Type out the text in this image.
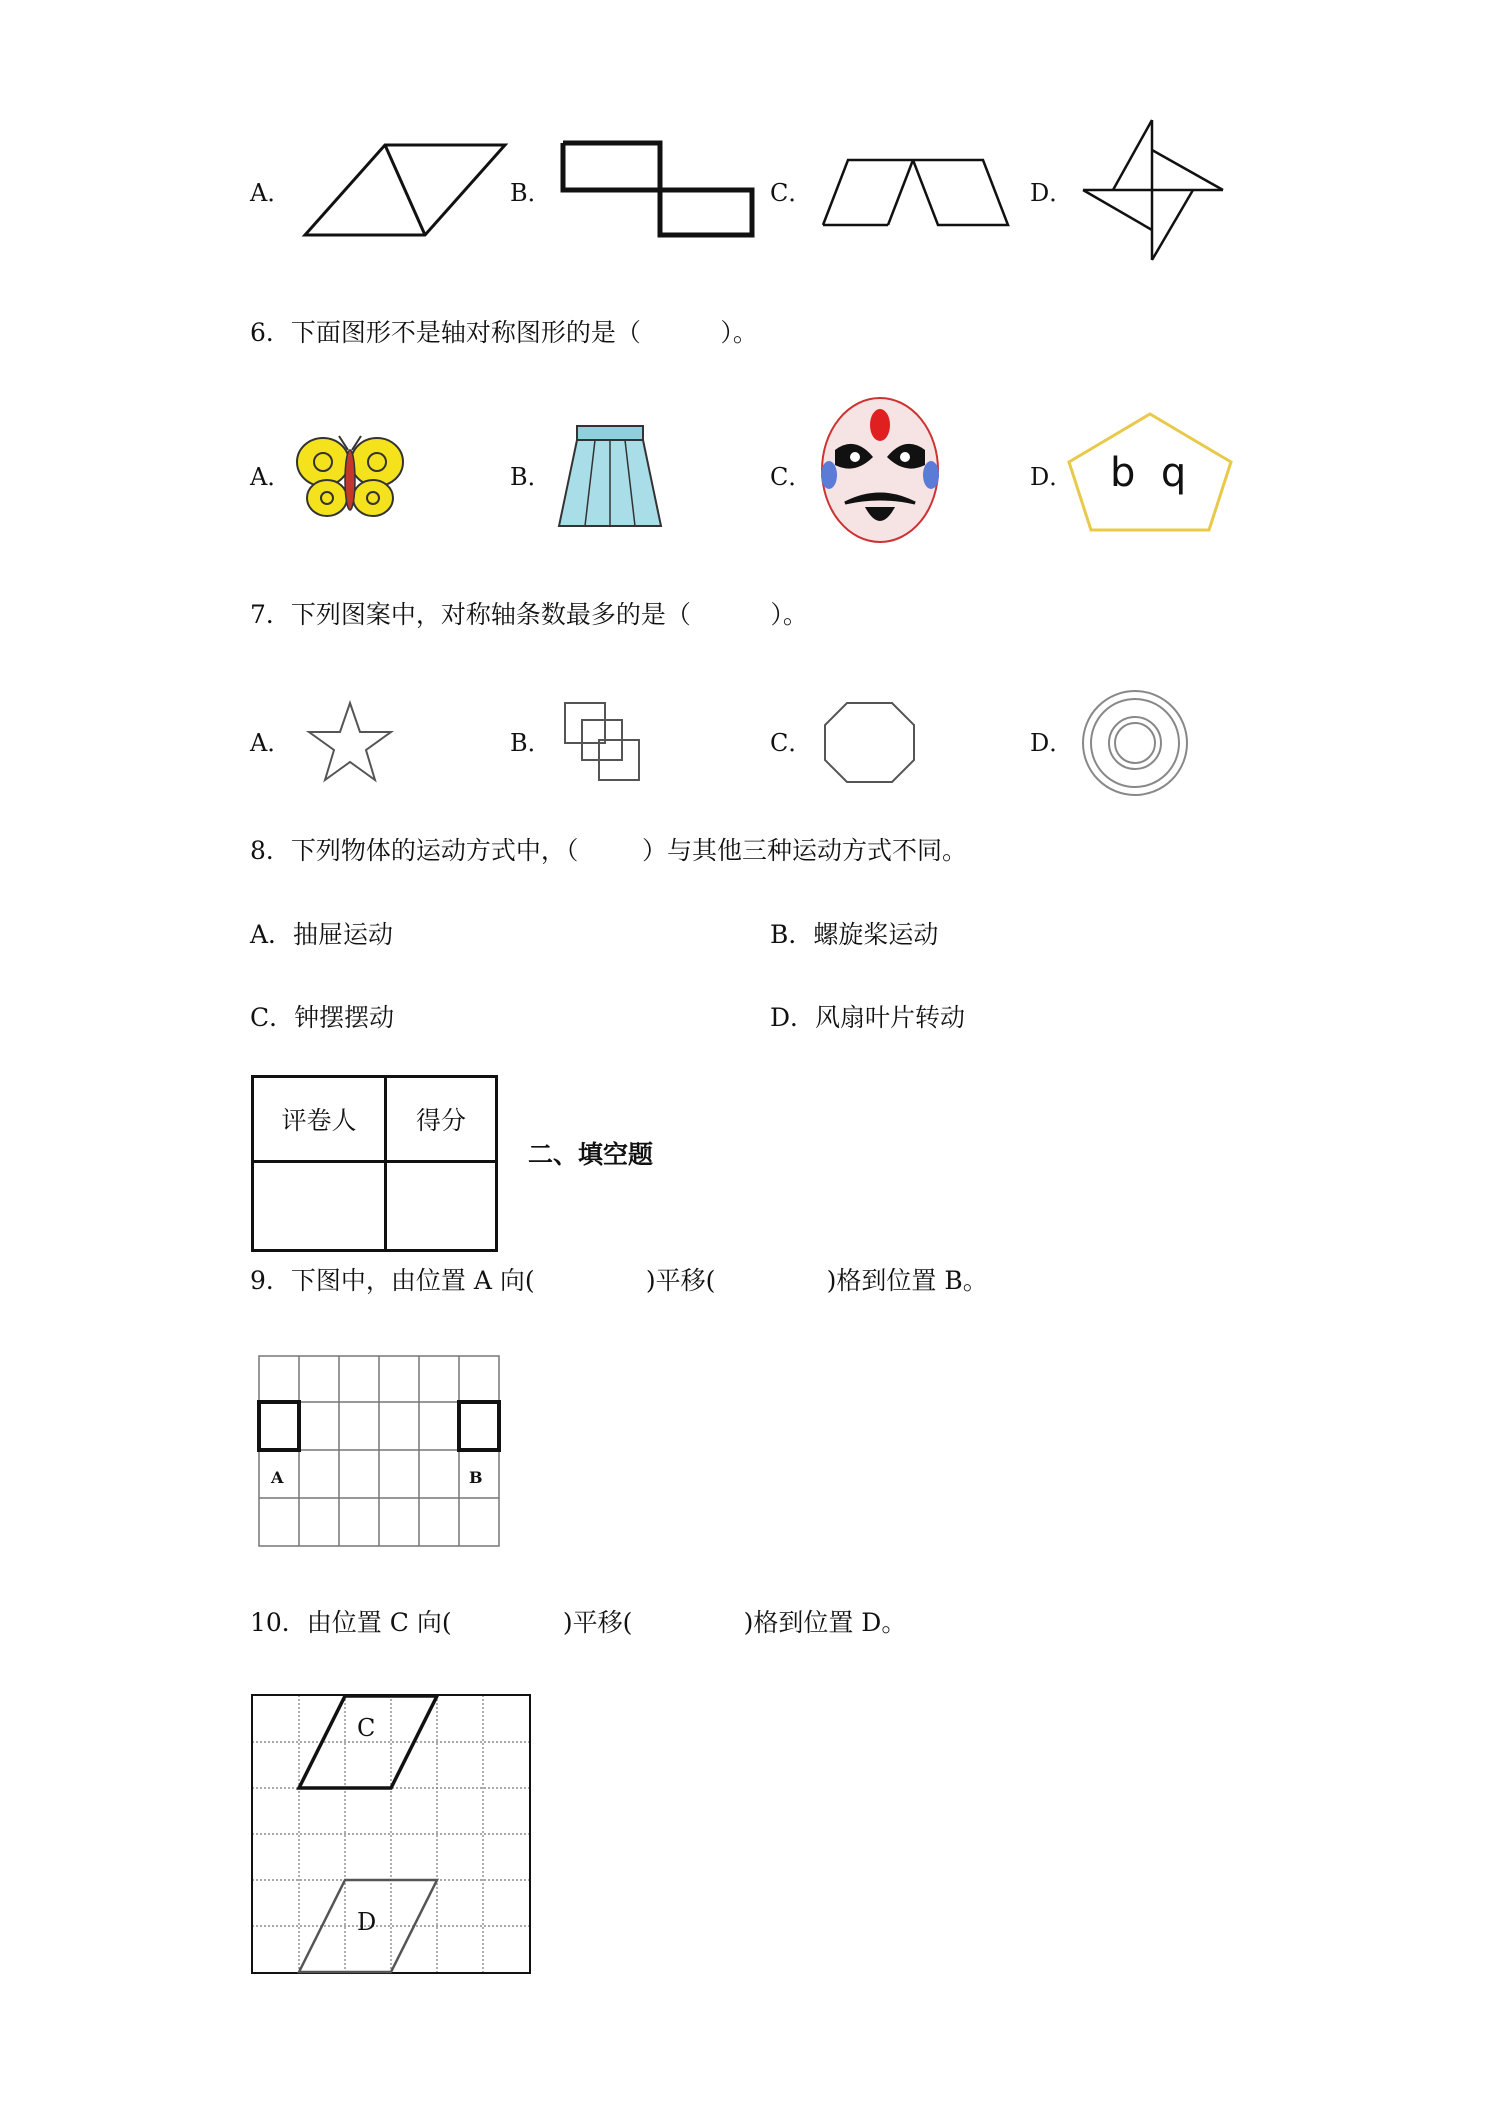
A．	B．	C．	D．
6．下面图形不是轴对称图形的是（          ）。
A．	B．	C．	D． b  q
7．下列图案中，对称轴条数最多的是（          ）。
A．	B．	C．	D．
8．下列物体的运动方式中，（        ）与其他三种运动方式不同。
A．抽屉运动	B．螺旋桨运动
C．钟摆摆动	D．风扇叶片转动
评卷人	得分

二、填空题
9．下图中，由位置 A 向(              )平移(              )格到位置 B。
A	B
10．由位置 C 向(              )平移(              )格到位置 D。
C
D
